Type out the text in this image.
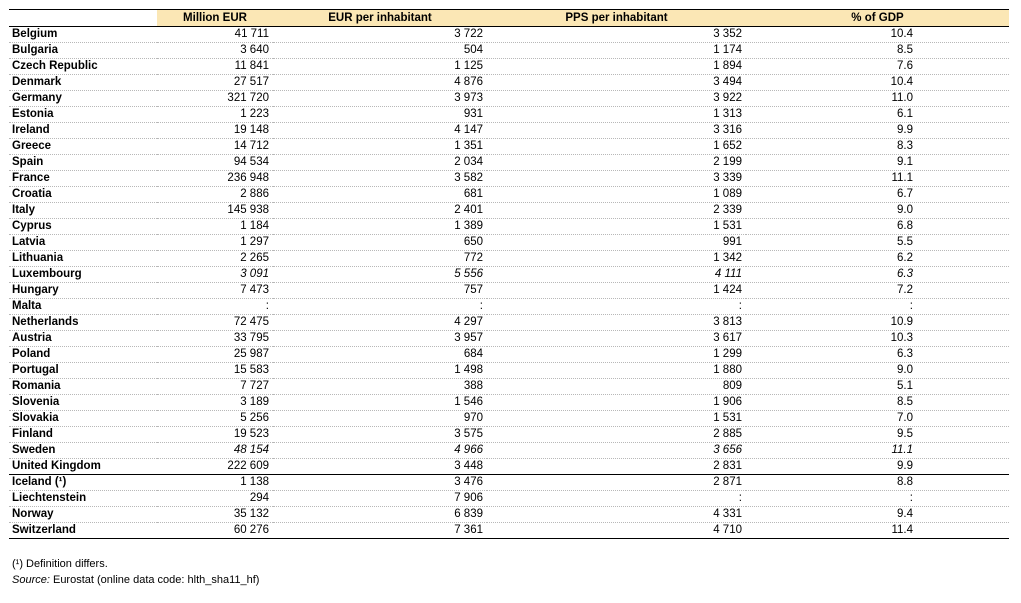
	Million EUR	EUR per inhabitant	PPS per inhabitant	% of GDP
Belgium	41 711	3 722	3 352	10.4
Bulgaria	3 640	504	1 174	8.5
Czech Republic	11 841	1 125	1 894	7.6
Denmark	27 517	4 876	3 494	10.4
Germany	321 720	3 973	3 922	11.0
Estonia	1 223	931	1 313	6.1
Ireland	19 148	4 147	3 316	9.9
Greece	14 712	1 351	1 652	8.3
Spain	94 534	2 034	2 199	9.1
France	236 948	3 582	3 339	11.1
Croatia	2 886	681	1 089	6.7
Italy	145 938	2 401	2 339	9.0
Cyprus	1 184	1 389	1 531	6.8
Latvia	1 297	650	991	5.5
Lithuania	2 265	772	1 342	6.2
Luxembourg	3 091	5 556	4 111	6.3
Hungary	7 473	757	1 424	7.2
Malta	:	:	:	:
Netherlands	72 475	4 297	3 813	10.9
Austria	33 795	3 957	3 617	10.3
Poland	25 987	684	1 299	6.3
Portugal	15 583	1 498	1 880	9.0
Romania	7 727	388	809	5.1
Slovenia	3 189	1 546	1 906	8.5
Slovakia	5 256	970	1 531	7.0
Finland	19 523	3 575	2 885	9.5
Sweden	48 154	4 966	3 656	11.1
United Kingdom	222 609	3 448	2 831	9.9
Iceland (¹)	1 138	3 476	2 871	8.8
Liechtenstein	294	7 906	:	:
Norway	35 132	6 839	4 331	9.4
Switzerland	60 276	7 361	4 710	11.4
(¹) Definition differs.
Source: Eurostat (online data code: hlth_sha11_hf)
